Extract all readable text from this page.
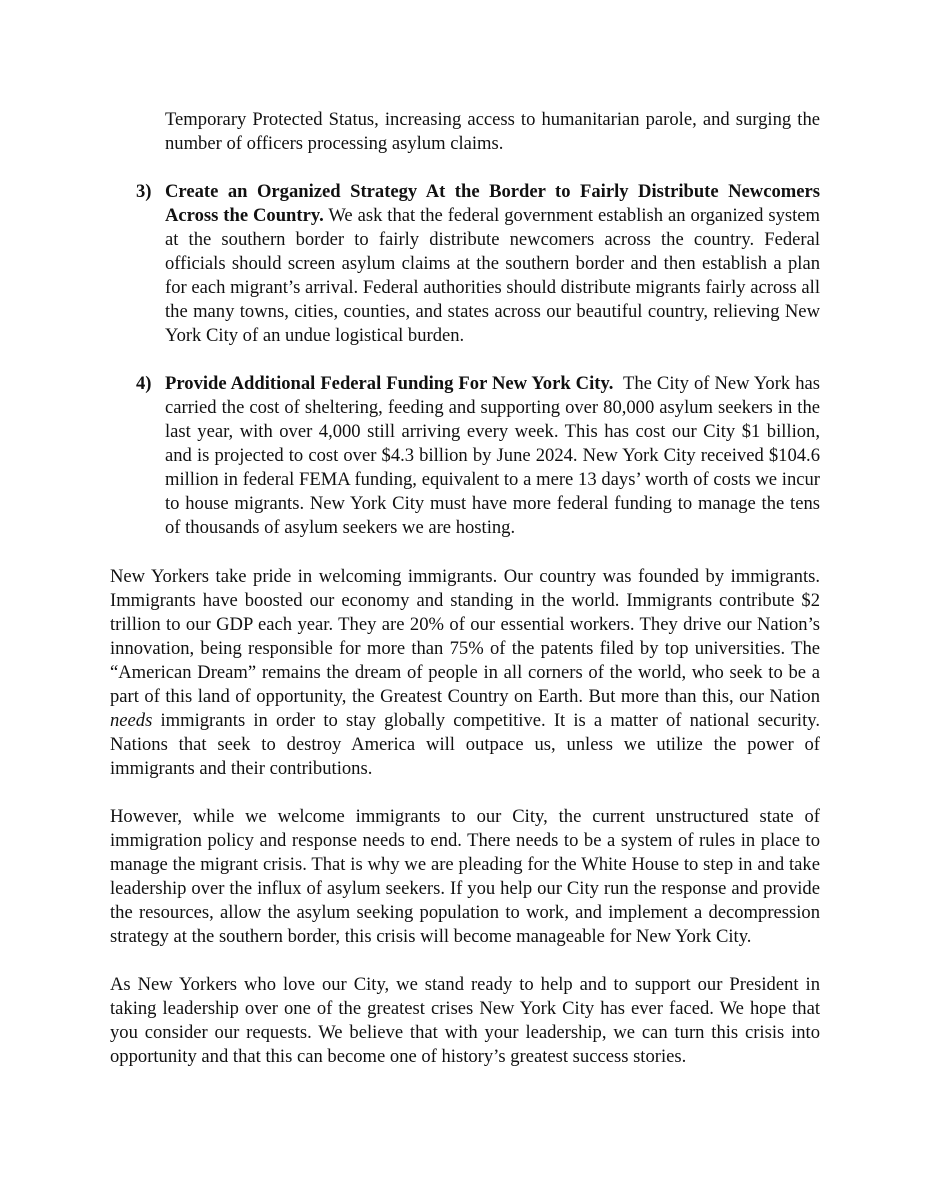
Temporary Protected Status, increasing access to humanitarian parole, and surging the number of officers processing asylum claims.

3) Create an Organized Strategy At the Border to Fairly Distribute Newcomers Across the Country. We ask that the federal government establish an organized system at the southern border to fairly distribute newcomers across the country. Federal officials should screen asylum claims at the southern border and then establish a plan for each migrant’s arrival. Federal authorities should distribute migrants fairly across all the many towns, cities, counties, and states across our beautiful country, relieving New York City of an undue logistical burden.

4) Provide Additional Federal Funding For New York City.  The City of New York has carried the cost of sheltering, feeding and supporting over 80,000 asylum seekers in the last year, with over 4,000 still arriving every week. This has cost our City $1 billion, and is projected to cost over $4.3 billion by June 2024. New York City received $104.6 million in federal FEMA funding, equivalent to a mere 13 days’ worth of costs we incur to house migrants. New York City must have more federal funding to manage the tens of thousands of asylum seekers we are hosting.

New Yorkers take pride in welcoming immigrants. Our country was founded by immigrants. Immigrants have boosted our economy and standing in the world. Immigrants contribute $2 trillion to our GDP each year. They are 20% of our essential workers. They drive our Nation’s innovation, being responsible for more than 75% of the patents filed by top universities. The “American Dream” remains the dream of people in all corners of the world, who seek to be a part of this land of opportunity, the Greatest Country on Earth. But more than this, our Nation needs immigrants in order to stay globally competitive. It is a matter of national security. Nations that seek to destroy America will outpace us, unless we utilize the power of immigrants and their contributions.

However, while we welcome immigrants to our City, the current unstructured state of immigration policy and response needs to end. There needs to be a system of rules in place to manage the migrant crisis. That is why we are pleading for the White House to step in and take leadership over the influx of asylum seekers. If you help our City run the response and provide the resources, allow the asylum seeking population to work, and implement a decompression strategy at the southern border, this crisis will become manageable for New York City.

As New Yorkers who love our City, we stand ready to help and to support our President in taking leadership over one of the greatest crises New York City has ever faced. We hope that you consider our requests. We believe that with your leadership, we can turn this crisis into opportunity and that this can become one of history’s greatest success stories.
